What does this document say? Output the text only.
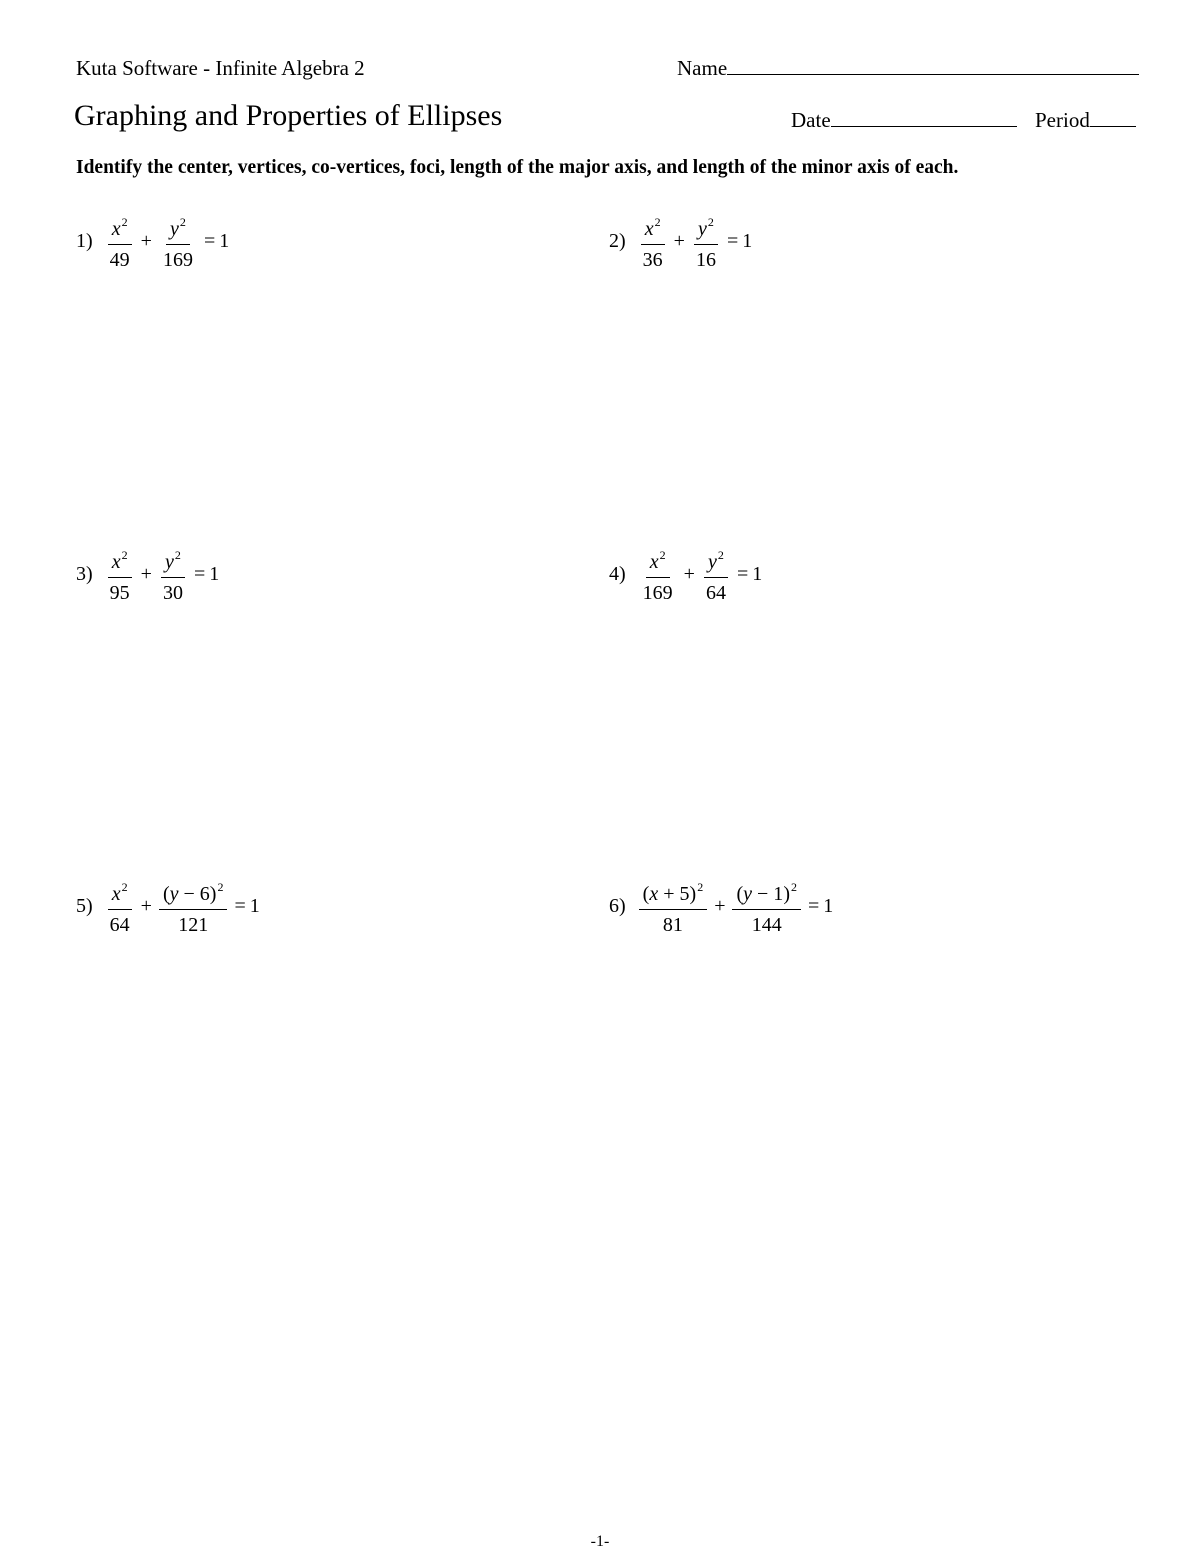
Kuta Software - Infinite Algebra 2	Name
Graphing and Properties of Ellipses	Date	Period
Identify the center, vertices, co-vertices, foci, length of the major axis, and length of the minor axis of each.
$1) \frac{x^2}{49} + \frac{y^2}{169} = 1$	$2) \frac{x^2}{36} + \frac{y^2}{16} = 1$
$3) \frac{x^2}{95} + \frac{y^2}{30} = 1$	$4) \frac{x^2}{169} + \frac{y^2}{64} = 1$
$5) \frac{x^2}{64} + \frac{(y - 6)^2}{121} = 1$	$6) \frac{(x + 5)^2}{81} + \frac{(y - 1)^2}{144} = 1$
-1-
